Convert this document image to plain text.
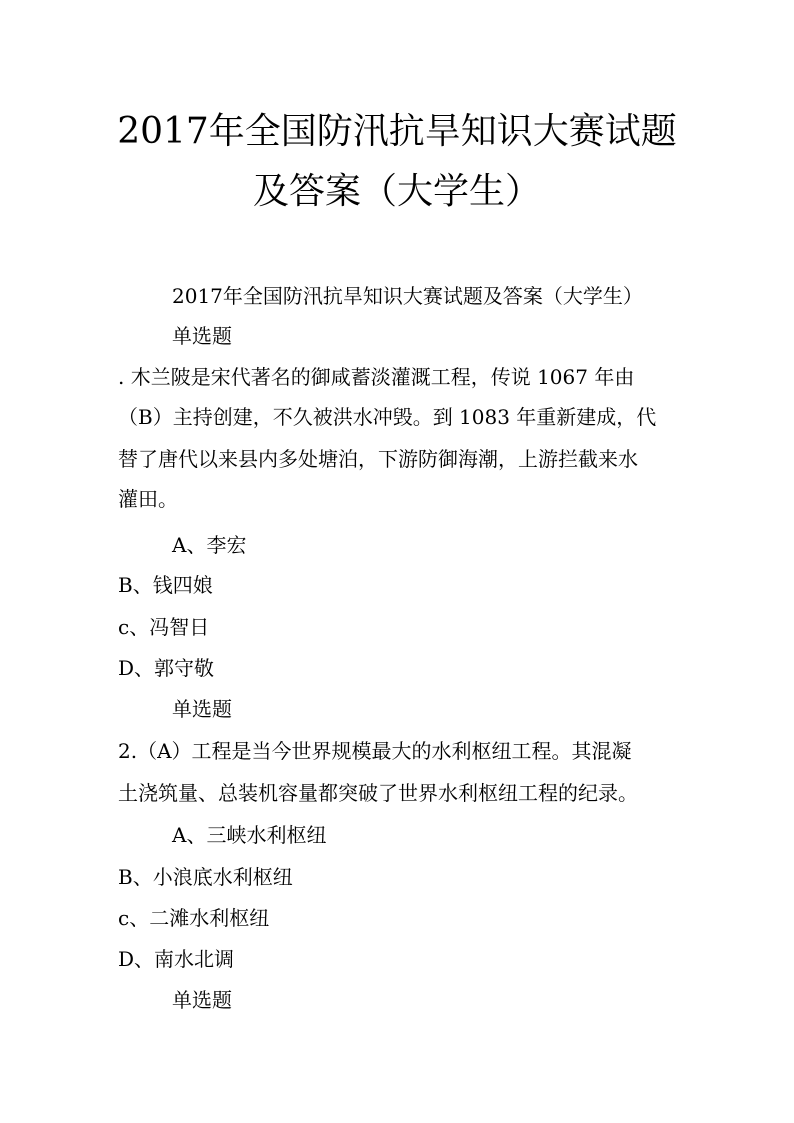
2017年全国防汛抗旱知识大赛试题
及答案（大学生）
2017年全国防汛抗旱知识大赛试题及答案（大学生）
单选题
. 木兰陂是宋代著名的御咸蓄淡灌溉工程，传说 1067 年由
（B）主持创建，不久被洪水冲毁。到 1083 年重新建成，代
替了唐代以来县内多处塘泊，下游防御海潮，上游拦截来水
灌田。
A、李宏
B、钱四娘
c、冯智日
D、郭守敬
单选题
2.（A）工程是当今世界规模最大的水利枢纽工程。其混凝
土浇筑量、总装机容量都突破了世界水利枢纽工程的纪录。
A、三峡水利枢纽
B、小浪底水利枢纽
c、二滩水利枢纽
D、南水北调
单选题
